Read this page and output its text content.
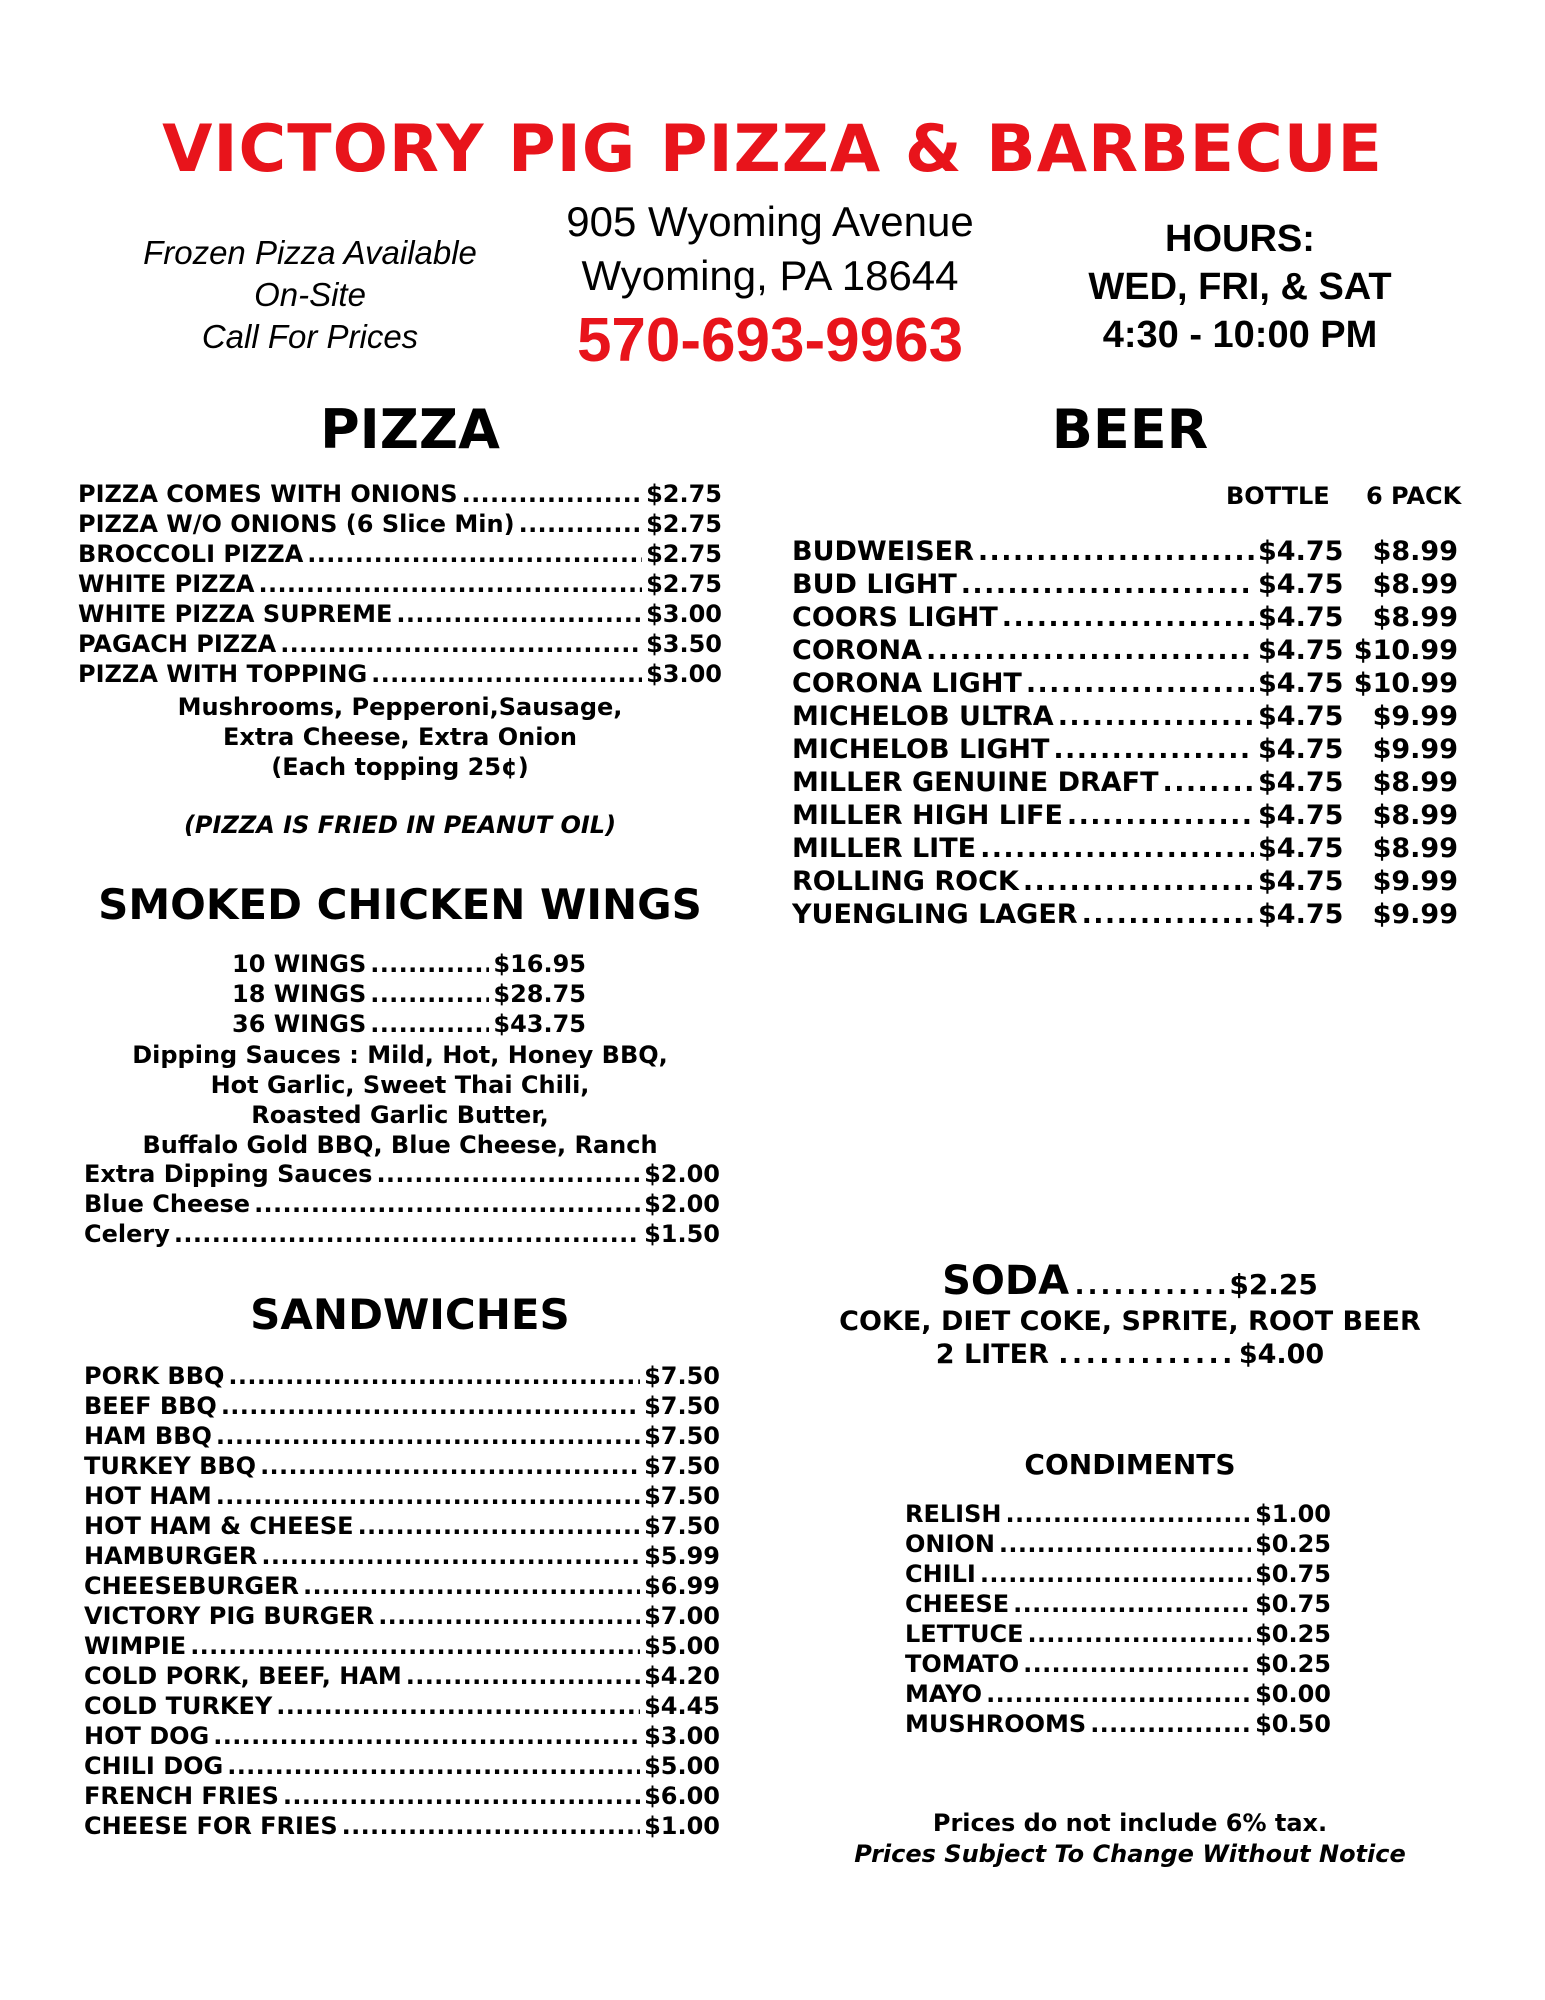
VICTORY PIG PIZZA & BARBECUE
Frozen Pizza Available
On-Site
Call For Prices
905 Wyoming Avenue
Wyoming, PA 18644
570-693-9963
HOURS:
WED, FRI, & SAT
4:30 - 10:00 PM
PIZZA
PIZZA COMES WITH ONIONS . . .	$2.75
PIZZA W/O ONIONS (6 Slice Min) . . .	$2.75
BROCCOLI PIZZA . . .	$2.75
WHITE PIZZA . . .	$2.75
WHITE PIZZA SUPREME . . .	$3.00
PAGACH PIZZA . . .	$3.50
PIZZA WITH TOPPING . . .	$3.00
Mushrooms, Pepperoni,Sausage,
Extra Cheese, Extra Onion
(Each topping 25¢)
(PIZZA IS FRIED IN PEANUT OIL)
SMOKED CHICKEN WINGS
10 WINGS . . .	$16.95
18 WINGS . . .	$28.75
36 WINGS . . .	$43.75
Dipping Sauces : Mild, Hot, Honey BBQ,
Hot Garlic, Sweet Thai Chili,
Roasted Garlic Butter,
Buffalo Gold BBQ, Blue Cheese, Ranch
Extra Dipping Sauces . . .	$2.00
Blue Cheese . . .	$2.00
Celery . . .	$1.50
SANDWICHES
PORK BBQ . . .	$7.50
BEEF BBQ . . .	$7.50
HAM BBQ . . .	$7.50
TURKEY BBQ . . .	$7.50
HOT HAM . . .	$7.50
HOT HAM & CHEESE . . .	$7.50
HAMBURGER . . .	$5.99
CHEESEBURGER . . .	$6.99
VICTORY PIG BURGER . . .	$7.00
WIMPIE . . .	$5.00
COLD PORK, BEEF, HAM . . .	$4.20
COLD TURKEY . . .	$4.45
HOT DOG . . .	$3.00
CHILI DOG . . .	$5.00
FRENCH FRIES . . .	$6.00
CHEESE FOR FRIES . . .	$1.00
BEER
BOTTLE 6 PACK
BUDWEISER . . .	$4.75	$8.99
BUD LIGHT . . .	$4.75	$8.99
COORS LIGHT . . .	$4.75	$8.99
CORONA . . .	$4.75 $10.99
CORONA LIGHT . . .	$4.75 $10.99
MICHELOB ULTRA . . .	$4.75	$9.99
MICHELOB LIGHT . . .	$4.75	$9.99
MILLER GENUINE DRAFT . . .	$4.75	$8.99
MILLER HIGH LIFE . . .	$4.75	$8.99
MILLER LITE . . .	$4.75	$8.99
ROLLING ROCK . . .	$4.75	$9.99
YUENGLING LAGER . . .	$4.75	$9.99
SODA . . . . . . . . . . . . $2.25
COKE, DIET COKE, SPRITE, ROOT BEER
2 LITER . . . . . . . . . . . . . $4.00
CONDIMENTS
RELISH . . .	$1.00
ONION . . .	$0.25
CHILI . . .	$0.75
CHEESE . . .	$0.75
LETTUCE . . .	$0.25
TOMATO . . .	$0.25
MAYO . . .	$0.00
MUSHROOMS . . .	$0.50
Prices do not include 6% tax.
Prices Subject To Change Without Notice
